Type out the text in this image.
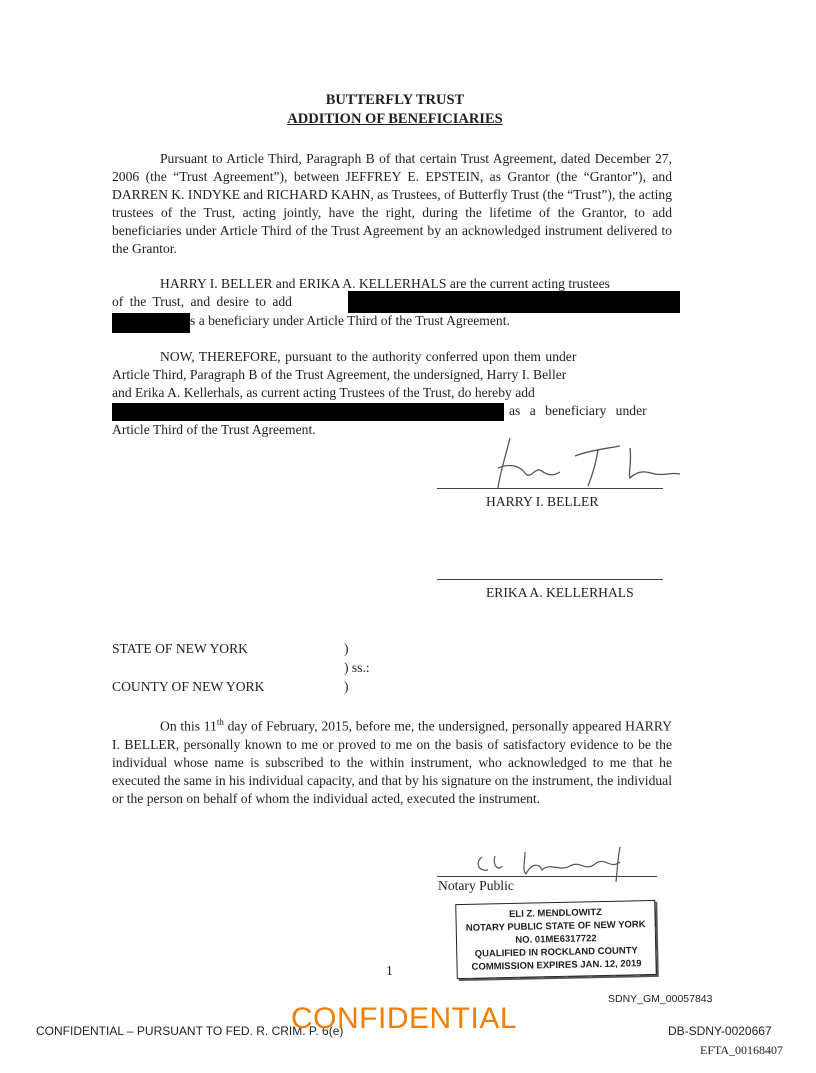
BUTTERFLY TRUST
ADDITION OF BENEFICIARIES

Pursuant to Article Third, Paragraph B of that certain Trust Agreement, dated December 27, 2006 (the “Trust Agreement”), between JEFFREY E. EPSTEIN, as Grantor (the “Grantor”), and DARREN K. INDYKE and RICHARD KAHN, as Trustees, of Butterfly Trust (the “Trust”), the acting trustees of the Trust, acting jointly, have the right, during the lifetime of the Grantor, to add beneficiaries under Article Third of the Trust Agreement by an acknowledged instrument delivered to the Grantor.

HARRY I. BELLER and ERIKA A. KELLERHALS are the current acting trustees
of the Trust, and desire to add
s a beneficiary under Article Third of the Trust Agreement.
NOW, THEREFORE, pursuant to the authority conferred upon them under
Article Third, Paragraph B of the Trust Agreement, the undersigned, Harry I. Beller
and Erika A. Kellerhals, as current acting Trustees of the Trust, do hereby add
as a beneficiary under
Article Third of the Trust Agreement.
HARRY I. BELLER
ERIKA A. KELLERHALS
STATE OF NEW YORK	)
) ss.:
COUNTY OF NEW YORK	)

On this 11th day of February, 2015, before me, the undersigned, personally appeared HARRY I. BELLER, personally known to me or proved to me on the basis of satisfactory evidence to be the individual whose name is subscribed to the within instrument, who acknowledged to me that he executed the same in his individual capacity, and that by his signature on the instrument, the individual or the person on behalf of whom the individual acted, executed the instrument.

Notary Public
ELI Z. MENDLOWITZ
NOTARY PUBLIC STATE OF NEW YORK
NO. 01ME6317722
QUALIFIED IN ROCKLAND COUNTY
COMMISSION EXPIRES JAN. 12, 2019
1
SDNY_GM_00057843
CONFIDENTIAL – PURSUANT TO FED. R. CRIM. P. 6(e)
CONFIDENTIAL	DB-SDNY-0020667
EFTA_00168407
